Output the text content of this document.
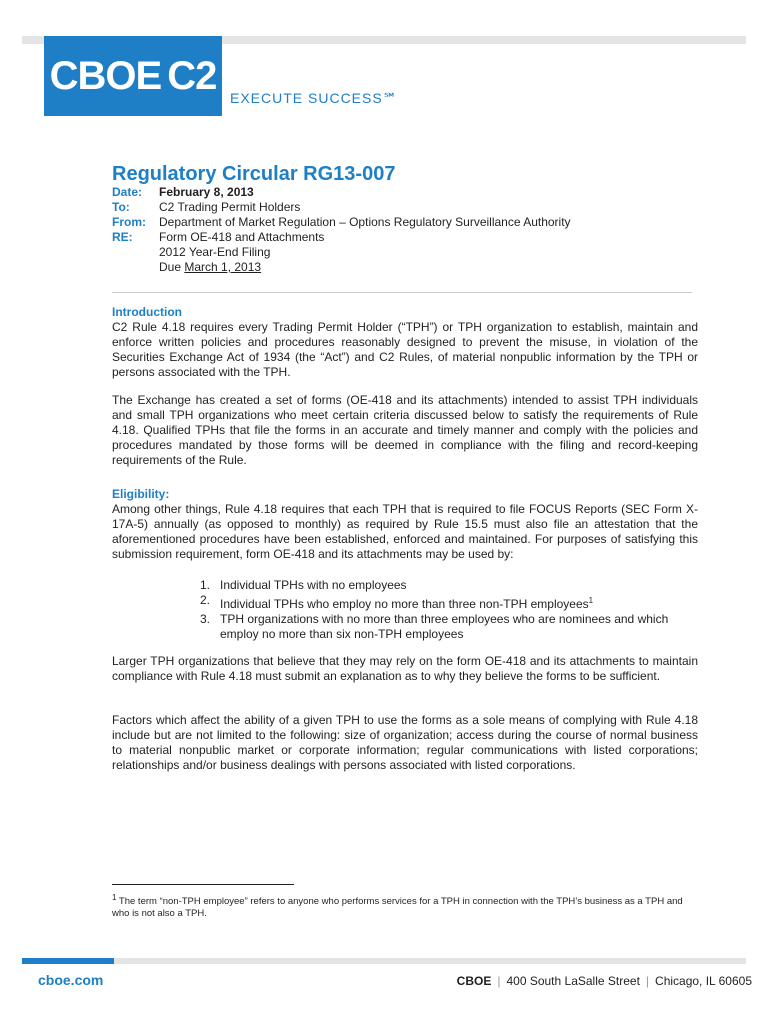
CBOE C2
EXECUTE SUCCESS℠
Regulatory Circular RG13-007
Date:	February 8, 2013
To:	C2 Trading Permit Holders
From:	Department of Market Regulation – Options Regulatory Surveillance Authority
RE:	Form OE-418 and Attachments
2012 Year-End Filing
Due March 1, 2013
Introduction

C2 Rule 4.18 requires every Trading Permit Holder (“TPH”) or TPH organization to establish, maintain and enforce written policies and procedures reasonably designed to prevent the misuse, in violation of the Securities Exchange Act of 1934 (the “Act”) and C2 Rules, of material nonpublic information by the TPH or persons associated with the TPH.

The Exchange has created a set of forms (OE-418 and its attachments) intended to assist TPH individuals and small TPH organizations who meet certain criteria discussed below to satisfy the requirements of Rule 4.18. Qualified TPHs that file the forms in an accurate and timely manner and comply with the policies and procedures mandated by those forms will be deemed in compliance with the filing and record-keeping requirements of the Rule.

Eligibility:

Among other things, Rule 4.18 requires that each TPH that is required to file FOCUS Reports (SEC Form X-17A-5) annually (as opposed to monthly) as required by Rule 15.5 must also file an attestation that the aforementioned procedures have been established, enforced and maintained. For purposes of satisfying this submission requirement, form OE-418 and its attachments may be used by:

1. Individual TPHs with no employees
2. Individual TPHs who employ no more than three non-TPH employees$^1$
3. TPH organizations with no more than three employees who are nominees and which employ no more than six non-TPH employees

Larger TPH organizations that believe that they may rely on the form OE-418 and its attachments to maintain compliance with Rule 4.18 must submit an explanation as to why they believe the forms to be sufficient.

Factors which affect the ability of a given TPH to use the forms as a sole means of complying with Rule 4.18 include but are not limited to the following: size of organization; access during the course of normal business to material nonpublic market or corporate information; regular communications with listed corporations; relationships and/or business dealings with persons associated with listed corporations.

$^1$ The term “non-TPH employee” refers to anyone who performs services for a TPH in connection with the TPH’s business as a TPH and who is not also a TPH.

cboe.com	CBOE | 400 South LaSalle Street | Chicago, IL 60605
